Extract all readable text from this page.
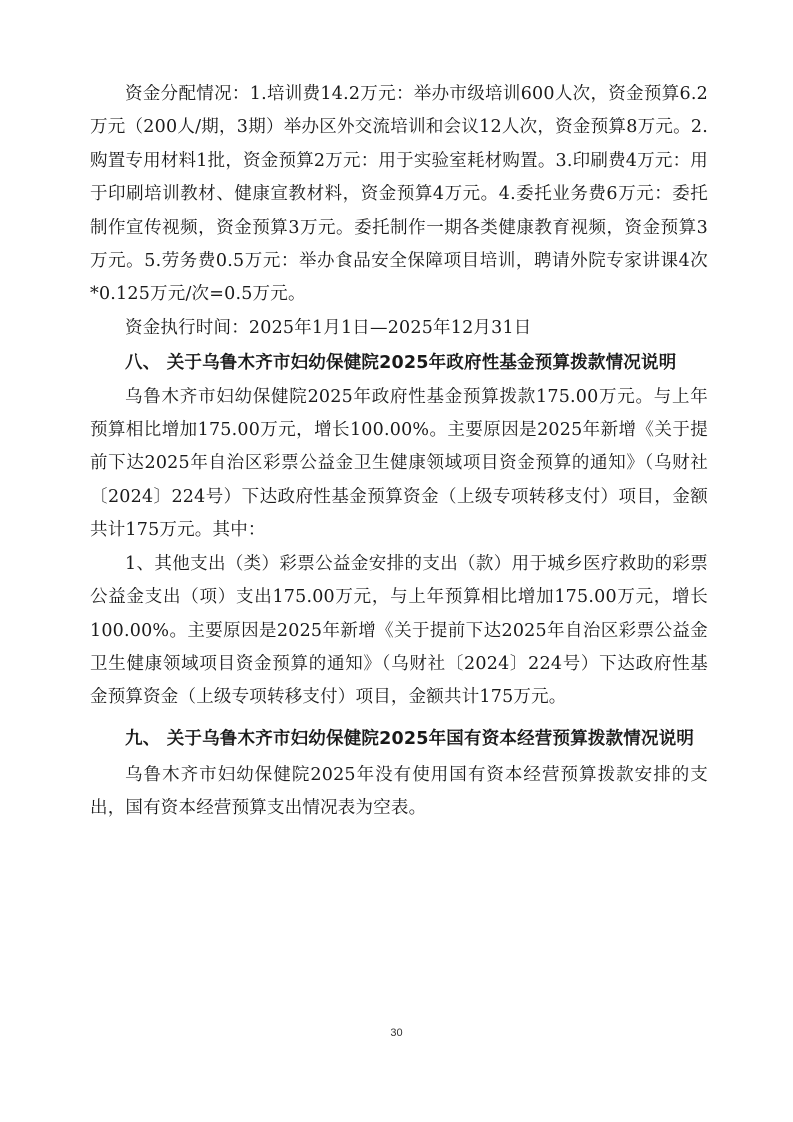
资金分配情况：1.培训费14.2万元：举办市级培训600人次，资金预算6.2万元（200人/期，3期）举办区外交流培训和会议12人次，资金预算8万元。2.购置专用材料1批，资金预算2万元：用于实验室耗材购置。3.印刷费4万元：用于印刷培训教材、健康宣教材料，资金预算4万元。4.委托业务费6万元：委托制作宣传视频，资金预算3万元。委托制作一期各类健康教育视频，资金预算3万元。5.劳务费0.5万元：举办食品安全保障项目培训，聘请外院专家讲课4次*0.125万元/次=0.5万元。

资金执行时间：2025年1月1日—2025年12月31日

八、 关于乌鲁木齐市妇幼保健院2025年政府性基金预算拨款情况说明

乌鲁木齐市妇幼保健院2025年政府性基金预算拨款175.00万元。与上年预算相比增加175.00万元，增长100.00%。主要原因是2025年新增《关于提前下达2025年自治区彩票公益金卫生健康领域项目资金预算的通知》（乌财社〔2024〕224号）下达政府性基金预算资金（上级专项转移支付）项目，金额共计175万元。其中：

1、其他支出（类）彩票公益金安排的支出（款）用于城乡医疗救助的彩票公益金支出（项）支出175.00万元，与上年预算相比增加175.00万元，增长100.00%。主要原因是2025年新增《关于提前下达2025年自治区彩票公益金卫生健康领域项目资金预算的通知》（乌财社〔2024〕224号）下达政府性基金预算资金（上级专项转移支付）项目，金额共计175万元。

九、 关于乌鲁木齐市妇幼保健院2025年国有资本经营预算拨款情况说明

乌鲁木齐市妇幼保健院2025年没有使用国有资本经营预算拨款安排的支出，国有资本经营预算支出情况表为空表。

30
